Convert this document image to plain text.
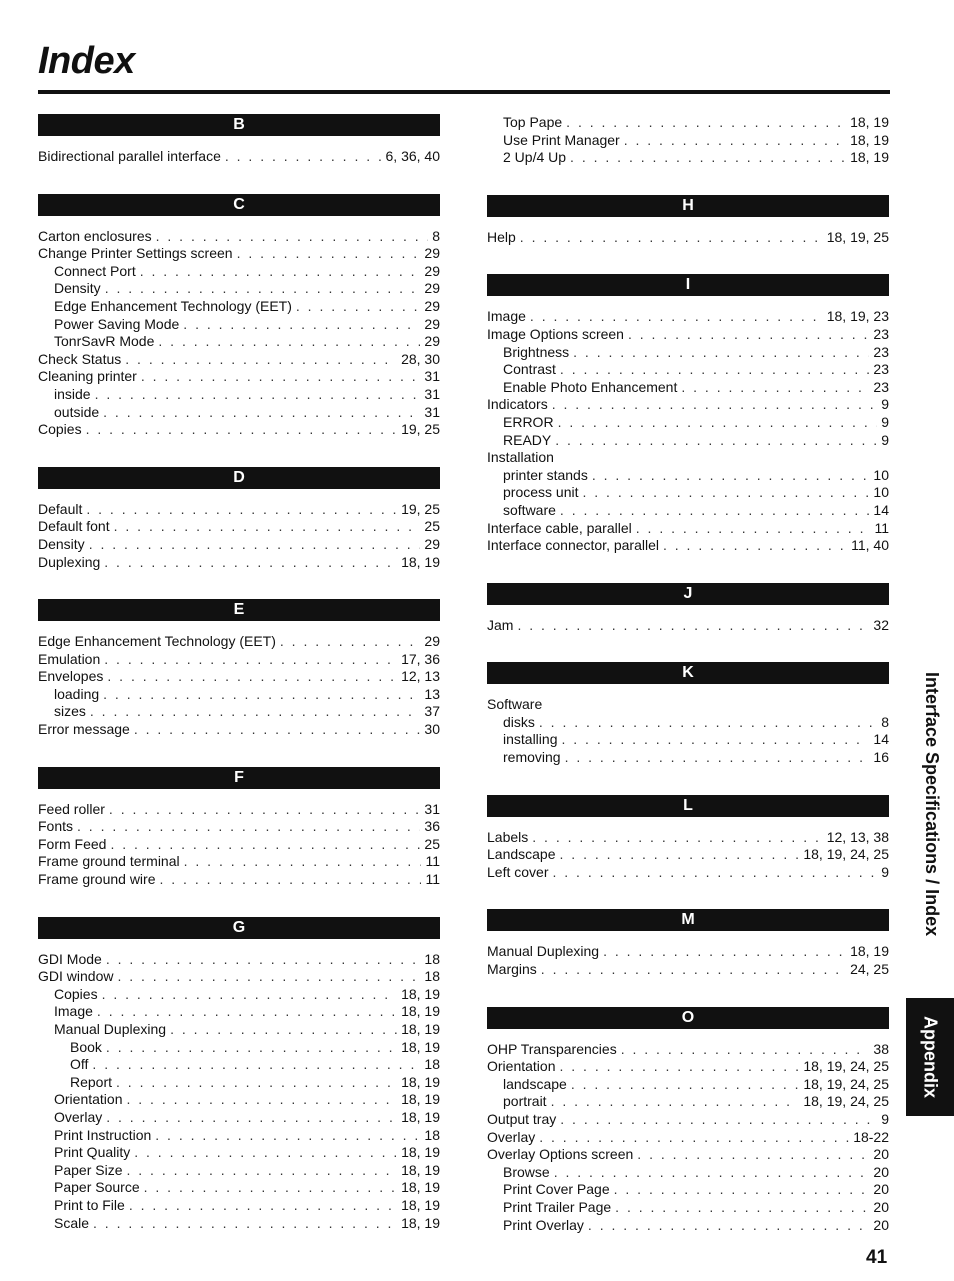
Index
B
Bidirectional parallel interface . . .	6, 36, 40
C
Carton enclosures . . .	8
Change Printer Settings screen . . .	29
Connect Port . . .	29
Density . . .	29
Edge Enhancement Technology (EET) . . .	29
Power Saving Mode . . .	29
TonrSavR Mode . . .	29
Check Status . . .	28, 30
Cleaning printer . . .	31
inside . . .	31
outside . . .	31
Copies . . .	19, 25
D
Default . . .	19, 25
Default font . . .	25
Density . . .	29
Duplexing . . .	18, 19
E
Edge Enhancement Technology (EET) . . .	29
Emulation . . .	17, 36
Envelopes . . .	12, 13
loading . . .	13
sizes . . .	37
Error message . . .	30
F
Feed roller . . .	31
Fonts . . .	36
Form Feed . . .	25
Frame ground terminal . . .	11
Frame ground wire . . .	11
G
GDI Mode . . .	18
GDI window . . .	18
Copies . . .	18, 19
Image . . .	18, 19
Manual Duplexing . . .	18, 19
Book . . .	18, 19
Off . . .	18
Report . . .	18, 19
Orientation . . .	18, 19
Overlay . . .	18, 19
Print Instruction . . .	18
Print Quality . . .	18, 19
Paper Size . . .	18, 19
Paper Source . . .	18, 19
Print to File . . .	18, 19
Scale . . .	18, 19
Top Pape . . .	18, 19
Use Print Manager . . .	18, 19
2 Up/4 Up . . .	18, 19
H
Help . . .	18, 19, 25
I
Image . . .	18, 19, 23
Image Options screen . . .	23
Brightness . . .	23
Contrast . . .	23
Enable Photo Enhancement . . .	23
Indicators . . .	9
ERROR . . .	9
READY . . .	9
Installation
printer stands . . .	10
process unit . . .	10
software . . .	14
Interface cable, parallel . . .	11
Interface connector, parallel . . .	11, 40
J
Jam . . .	32
K
Software
disks . . .	8
installing . . .	14
removing . . .	16
L
Labels . . .	12, 13, 38
Landscape . . .	18, 19, 24, 25
Left cover . . .	9
M
Manual Duplexing . . .	18, 19
Margins . . .	24, 25
O
OHP Transparencies . . .	38
Orientation . . .	18, 19, 24, 25
landscape . . .	18, 19, 24, 25
portrait . . .	18, 19, 24, 25
Output tray . . .	9
Overlay . . .	18-22
Overlay Options screen . . .	20
Browse . . .	20
Print Cover Page . . .	20
Print Trailer Page . . .	20
Print Overlay . . .	20
Interface Specifications / Index
Appendix
41
